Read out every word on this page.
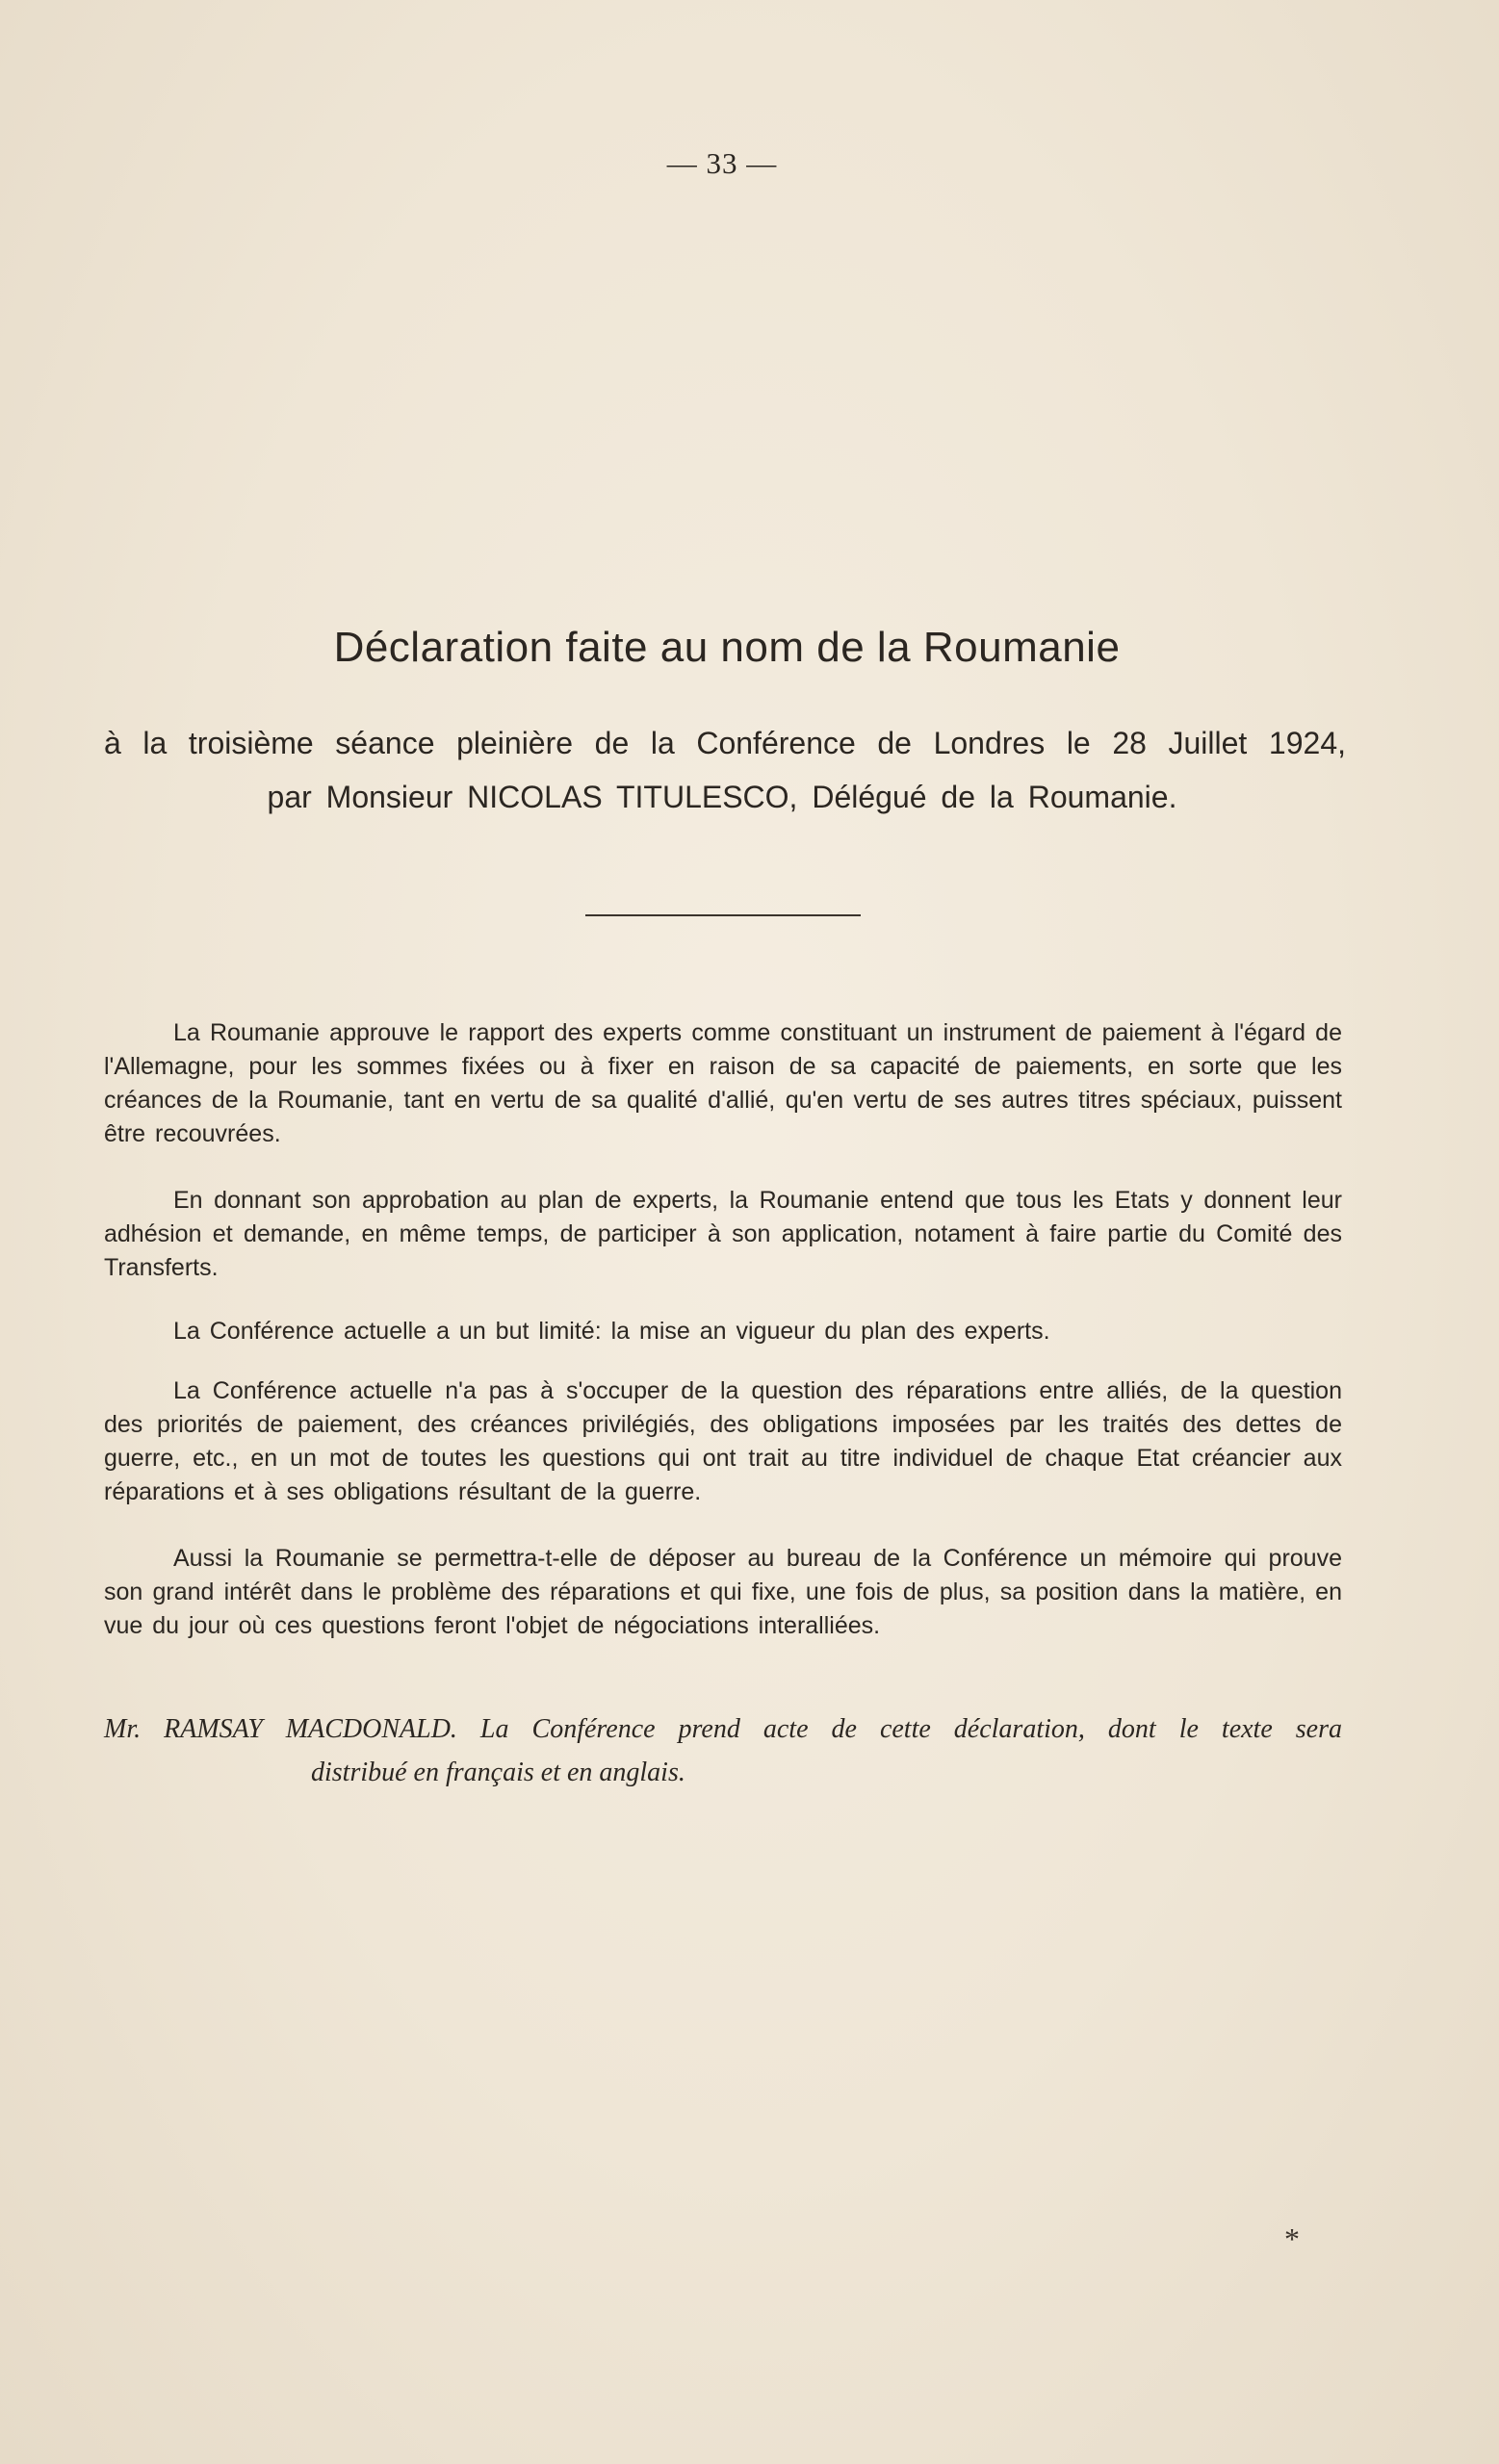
— 33 —
Déclaration faite au nom de la Roumanie
à la troisième séance pleinière de la Conférence de Londres le 28 Juillet 1924,
par Monsieur NICOLAS TITULESCO, Délégué de la Roumanie.

La Roumanie approuve le rapport des experts comme constituant un instrument de paiement à l'égard de l'Allemagne, pour les sommes fixées ou à fixer en raison de sa capacité de paiements, en sorte que les créances de la Roumanie, tant en vertu de sa qualité d'allié, qu'en vertu de ses autres titres spéciaux, puissent être recouvrées.

En donnant son approbation au plan de experts, la Roumanie entend que tous les Etats y donnent leur adhésion et demande, en même temps, de participer à son application, notament à faire partie du Comité des Transferts.

La Conférence actuelle a un but limité: la mise an vigueur du plan des experts.

La Conférence actuelle n'a pas à s'occuper de la question des réparations entre alliés, de la question des priorités de paiement, des créances privilégiés, des obligations imposées par les traités des dettes de guerre, etc., en un mot de toutes les questions qui ont trait au titre individuel de chaque Etat créancier aux réparations et à ses obligations résultant de la guerre.

Aussi la Roumanie se permettra-t-elle de déposer au bureau de la Conférence un mémoire qui prouve son grand intérêt dans le problème des réparations et qui fixe, une fois de plus, sa position dans la matière, en vue du jour où ces questions feront l'objet de négociations interalliées.

Mr. RAMSAY MACDONALD. La Conférence prend acte de cette déclaration, dont le texte sera
distribué en français et en anglais.
*
